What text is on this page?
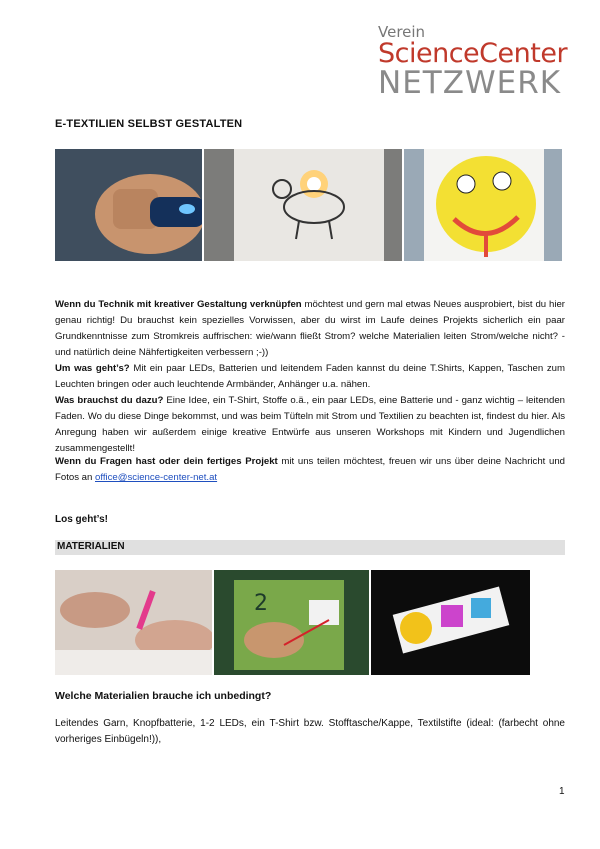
Verein
ScienceCenter
NETZWERK
E-TEXTILIEN SELBST GESTALTEN
Wenn du Technik mit kreativer Gestaltung verknüpfen möchtest und gern mal etwas Neues ausprobiert, bist du hier genau richtig! Du brauchst kein spezielles Vorwissen, aber du wirst im Laufe deines Projekts sicherlich ein paar Grundkenntnisse zum Stromkreis auffrischen: wie/wann fließt Strom? welche Materialien leiten Strom/welche nicht? - und natürlich deine Nähfertigkeiten verbessern ;-))
Um was geht’s? Mit ein paar LEDs, Batterien und leitendem Faden kannst du deine T.Shirts, Kappen, Taschen zum Leuchten bringen oder auch leuchtende Armbänder, Anhänger u.a. nähen.
Was brauchst du dazu? Eine Idee, ein T-Shirt, Stoffe o.ä., ein paar LEDs, eine Batterie und - ganz wichtig – leitenden Faden. Wo du diese Dinge bekommst, und was beim Tüfteln mit Strom und Textilien zu beachten ist, findest du hier. Als Anregung haben wir außerdem einige kreative Entwürfe aus unseren Workshops mit Kindern und Jugendlichen zusammengestellt!
Wenn du Fragen hast oder dein fertiges Projekt mit uns teilen möchtest, freuen wir uns über deine Nachricht und Fotos an office@science-center-net.at
Los geht’s!
MATERIALIEN
2
Welche Materialien brauche ich unbedingt?
Leitendes Garn, Knopfbatterie, 1-2 LEDs, ein T-Shirt bzw. Stofftasche/Kappe, Textilstifte (ideal: (farbecht ohne vorheriges Einbügeln!)),
1
